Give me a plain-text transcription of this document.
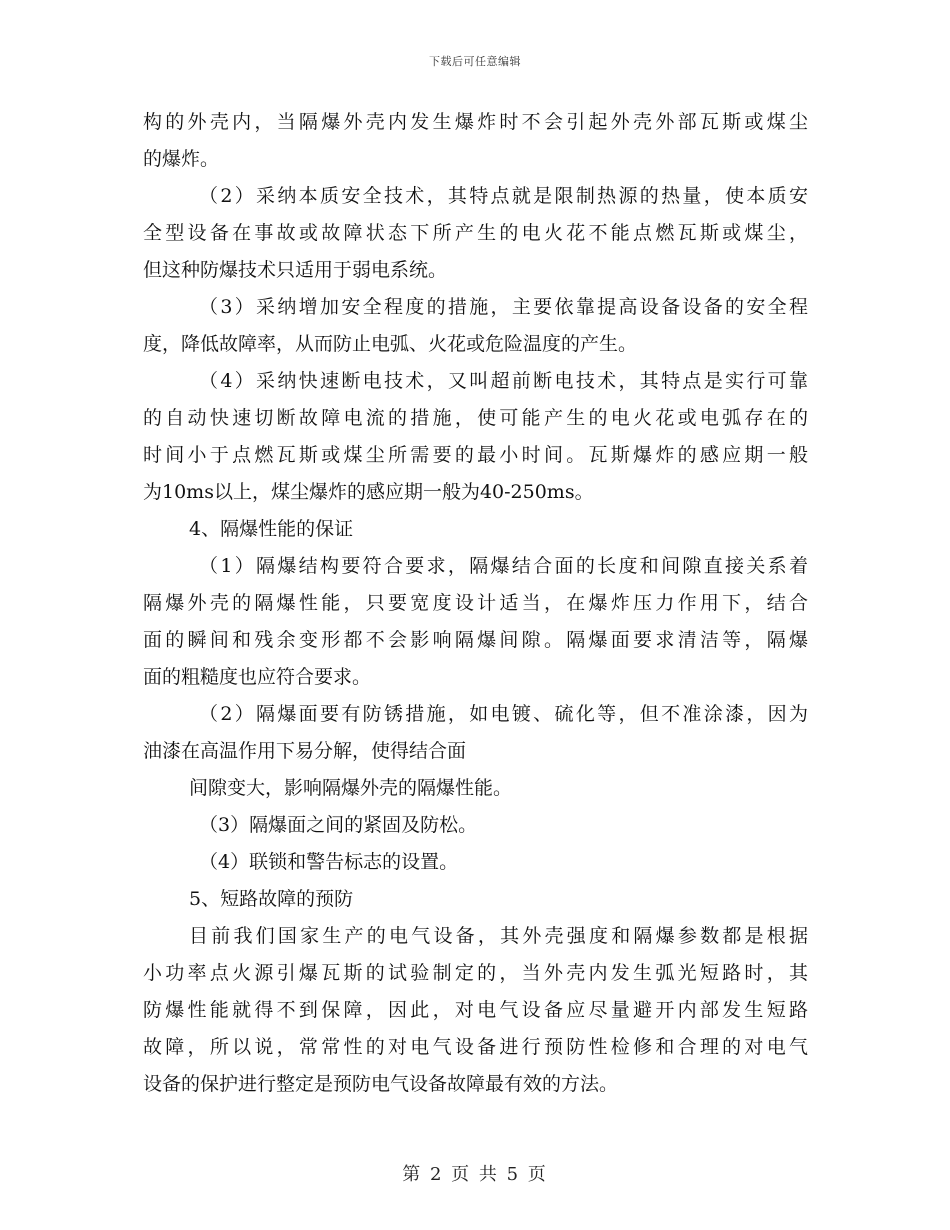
下载后可任意编辑
构的外壳内，当隔爆外壳内发生爆炸时不会引起外壳外部瓦斯或煤尘
的爆炸。
（2）采纳本质安全技术，其特点就是限制热源的热量，使本质安
全型设备在事故或故障状态下所产生的电火花不能点燃瓦斯或煤尘，
但这种防爆技术只适用于弱电系统。
（3）采纳增加安全程度的措施，主要依靠提高设备设备的安全程
度，降低故障率，从而防止电弧、火花或危险温度的产生。
（4）采纳快速断电技术，又叫超前断电技术，其特点是实行可靠
的自动快速切断故障电流的措施，使可能产生的电火花或电弧存在的
时间小于点燃瓦斯或煤尘所需要的最小时间。瓦斯爆炸的感应期一般
为10ms以上，煤尘爆炸的感应期一般为40-250ms。
4、隔爆性能的保证
（1）隔爆结构要符合要求，隔爆结合面的长度和间隙直接关系着
隔爆外壳的隔爆性能，只要宽度设计适当，在爆炸压力作用下，结合
面的瞬间和残余变形都不会影响隔爆间隙。隔爆面要求清洁等，隔爆
面的粗糙度也应符合要求。
（2）隔爆面要有防锈措施，如电镀、硫化等，但不准涂漆，因为
油漆在高温作用下易分解，使得结合面
间隙变大，影响隔爆外壳的隔爆性能。
（3）隔爆面之间的紧固及防松。
（4）联锁和警告标志的设置。
5、短路故障的预防
目前我们国家生产的电气设备，其外壳强度和隔爆参数都是根据
小功率点火源引爆瓦斯的试验制定的，当外壳内发生弧光短路时，其
防爆性能就得不到保障，因此，对电气设备应尽量避开内部发生短路
故障，所以说，常常性的对电气设备进行预防性检修和合理的对电气
设备的保护进行整定是预防电气设备故障最有效的方法。
第 2 页 共 5 页
